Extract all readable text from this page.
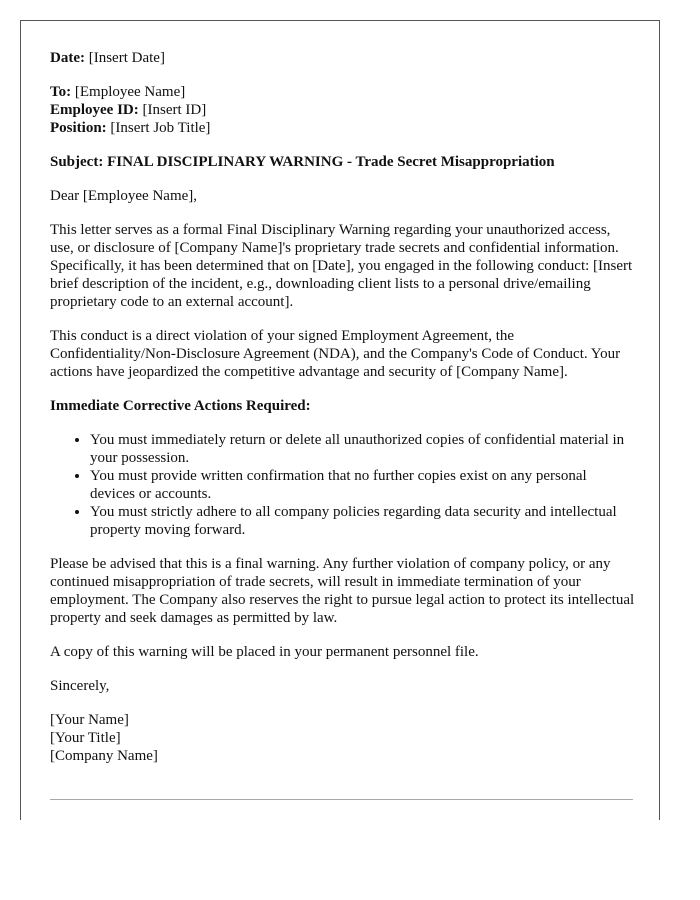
Date: [Insert Date]

To: [Employee Name]

Employee ID: [Insert ID]

Position: [Insert Job Title]

Subject: FINAL DISCIPLINARY WARNING - Trade Secret Misappropriation

Dear [Employee Name],

This letter serves as a formal Final Disciplinary Warning regarding your unauthorized access, use, or disclosure of [Company Name]'s proprietary trade secrets and confidential information. Specifically, it has been determined that on [Date], you engaged in the following conduct: [Insert brief description of the incident, e.g., downloading client lists to a personal drive/emailing proprietary code to an external account].

This conduct is a direct violation of your signed Employment Agreement, the Confidentiality/Non-Disclosure Agreement (NDA), and the Company's Code of Conduct. Your actions have jeopardized the competitive advantage and security of [Company Name].

Immediate Corrective Actions Required:

• You must immediately return or delete all unauthorized copies of confidential material in your possession.
• You must provide written confirmation that no further copies exist on any personal devices or accounts.
• You must strictly adhere to all company policies regarding data security and intellectual property moving forward.

Please be advised that this is a final warning. Any further violation of company policy, or any continued misappropriation of trade secrets, will result in immediate termination of your employment. The Company also reserves the right to pursue legal action to protect its intellectual property and seek damages as permitted by law.

A copy of this warning will be placed in your permanent personnel file.

Sincerely,

[Your Name]

[Your Title]

[Company Name]
